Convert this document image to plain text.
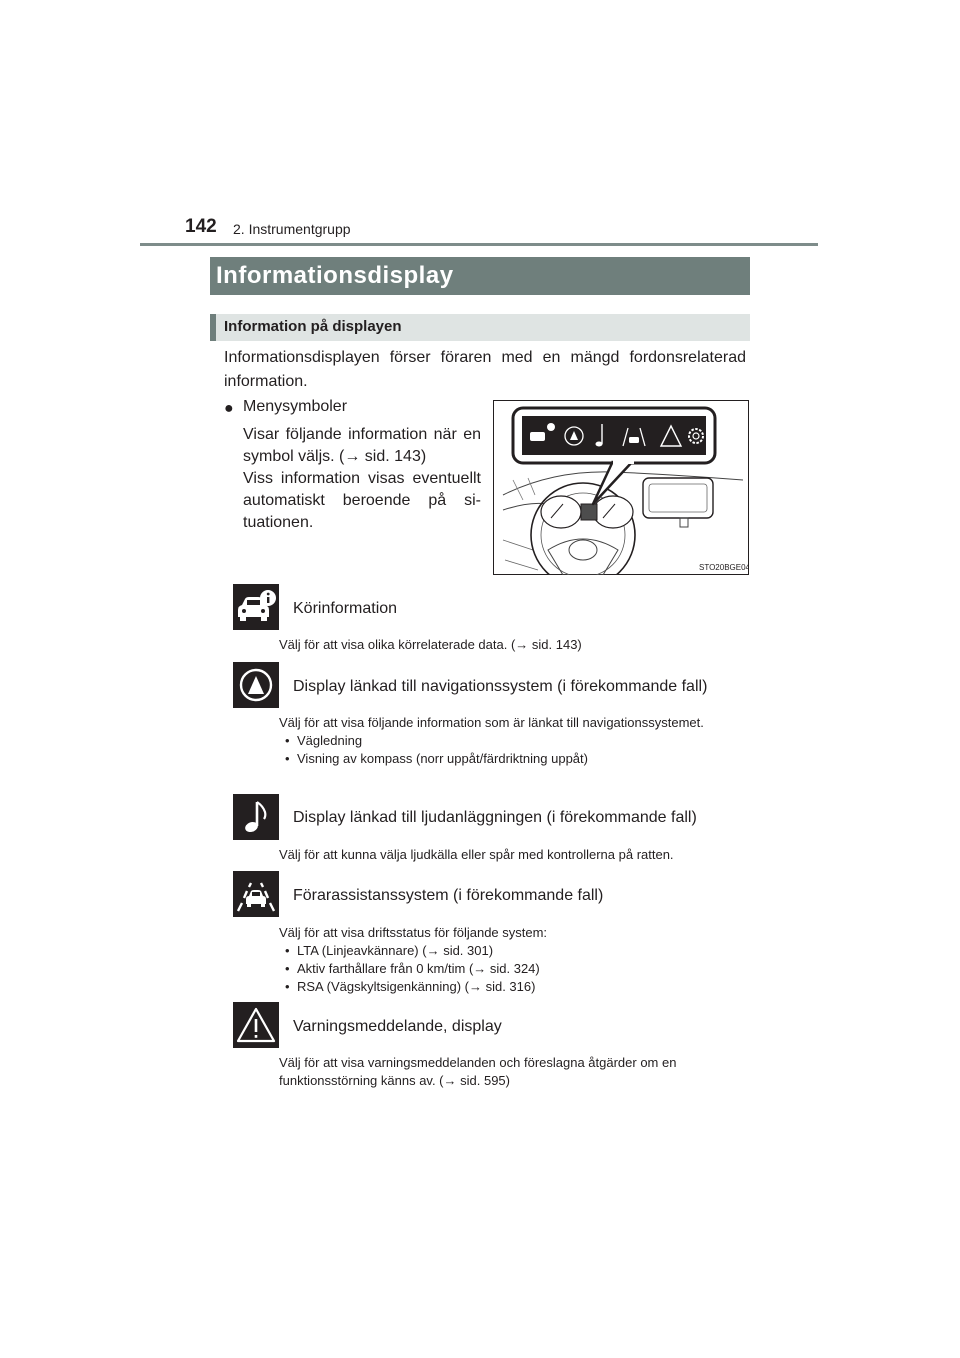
142 2. Instrumentgrupp
Informationsdisplay
Information på displayen
Informationsdisplayen förser föraren med en mängd fordonsrelaterad information.
● Menysymboler
Visar följande information när en symbol väljs. (→ sid. 143)
Viss information visas eventuellt automatiskt beroende på situationen.
STO20BGE04
Körinformation
Välj för att visa olika körrelaterade data. (→ sid. 143)
Display länkad till navigationssystem (i förekommande fall)
Välj för att visa följande information som är länkat till navigationssystemet.
• Vägledning
• Visning av kompass (norr uppåt/färdriktning uppåt)
Display länkad till ljudanläggningen (i förekommande fall)
Välj för att kunna välja ljudkälla eller spår med kontrollerna på ratten.
Förarassistanssystem (i förekommande fall)
Välj för att visa driftsstatus för följande system:
• LTA (Linjeavkännare) (→ sid. 301)
• Aktiv farthållare från 0 km/tim (→ sid. 324)
• RSA (Vägskyltsigenkänning) (→ sid. 316)
Varningsmeddelande, display
Välj för att visa varningsmeddelanden och föreslagna åtgärder om en funktionsstörning känns av. (→ sid. 595)
